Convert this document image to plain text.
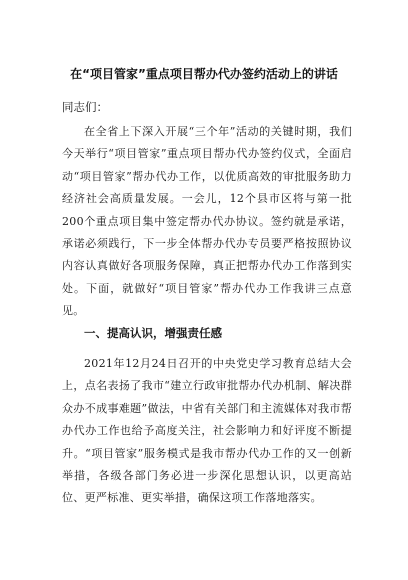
在“项目管家”重点项目帮办代办签约活动上的讲话
同志们：
在全省上下深入开展“三个年”活动的关键时期，我们今天举行“项目管家”重点项目帮办代办签约仪式，全面启动“项目管家”帮办代办工作，以优质高效的审批服务助力经济社会高质量发展。一会儿，12个县市区将与第一批200个重点项目集中签定帮办代办协议。签约就是承诺，承诺必须践行，下一步全体帮办代办专员要严格按照协议内容认真做好各项服务保障，真正把帮办代办工作落到实处。下面，就做好“项目管家”帮办代办工作我讲三点意见。
一、提高认识，增强责任感
2021年12月24日召开的中央党史学习教育总结大会上，点名表扬了我市“建立行政审批帮办代办机制、解决群众办不成事难题”做法，中省有关部门和主流媒体对我市帮办代办工作也给予高度关注，社会影响力和好评度不断提升。“项目管家”服务模式是我市帮办代办工作的又一创新举措，各级各部门务必进一步深化思想认识，以更高站位、更严标准、更实举措，确保这项工作落地落实。
